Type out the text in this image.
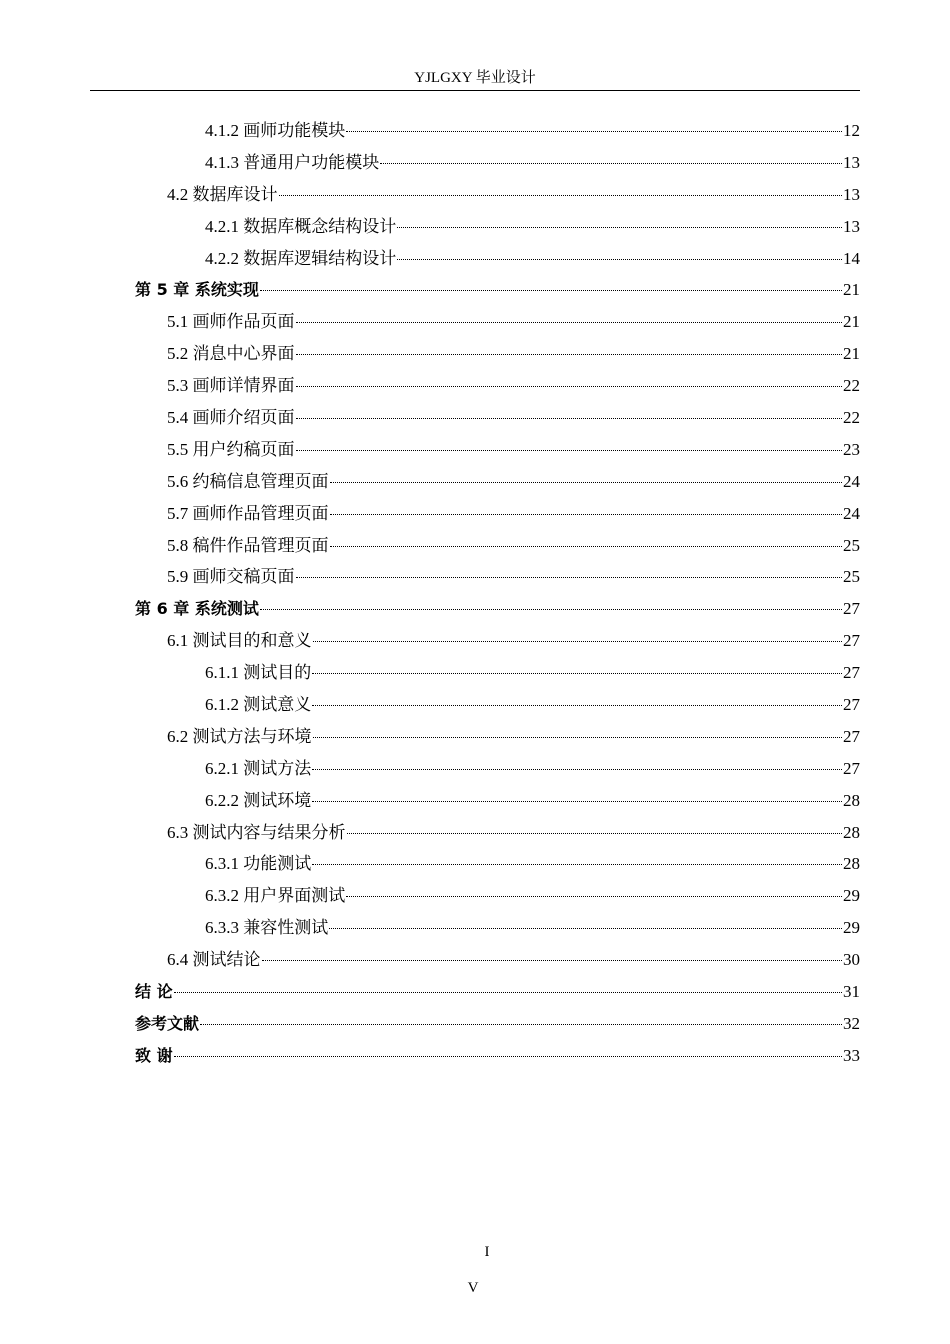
YJLGXY 毕业设计
4.1.2 画师功能模块	12
4.1.3 普通用户功能模块	13
4.2 数据库设计	13
4.2.1 数据库概念结构设计	13
4.2.2 数据库逻辑结构设计	14
第 5 章 系统实现	21
5.1 画师作品页面	21
5.2 消息中心界面	21
5.3 画师详情界面	22
5.4 画师介绍页面	22
5.5 用户约稿页面	23
5.6 约稿信息管理页面	24
5.7 画师作品管理页面	24
5.8 稿件作品管理页面	25
5.9 画师交稿页面	25
第 6 章 系统测试	27
6.1 测试目的和意义	27
6.1.1 测试目的	27
6.1.2 测试意义	27
6.2 测试方法与环境	27
6.2.1 测试方法	27
6.2.2 测试环境	28
6.3 测试内容与结果分析	28
6.3.1 功能测试	28
6.3.2 用户界面测试	29
6.3.3 兼容性测试	29
6.4 测试结论	30
结 论	31
参考文献	32
致 谢	33
I
V
